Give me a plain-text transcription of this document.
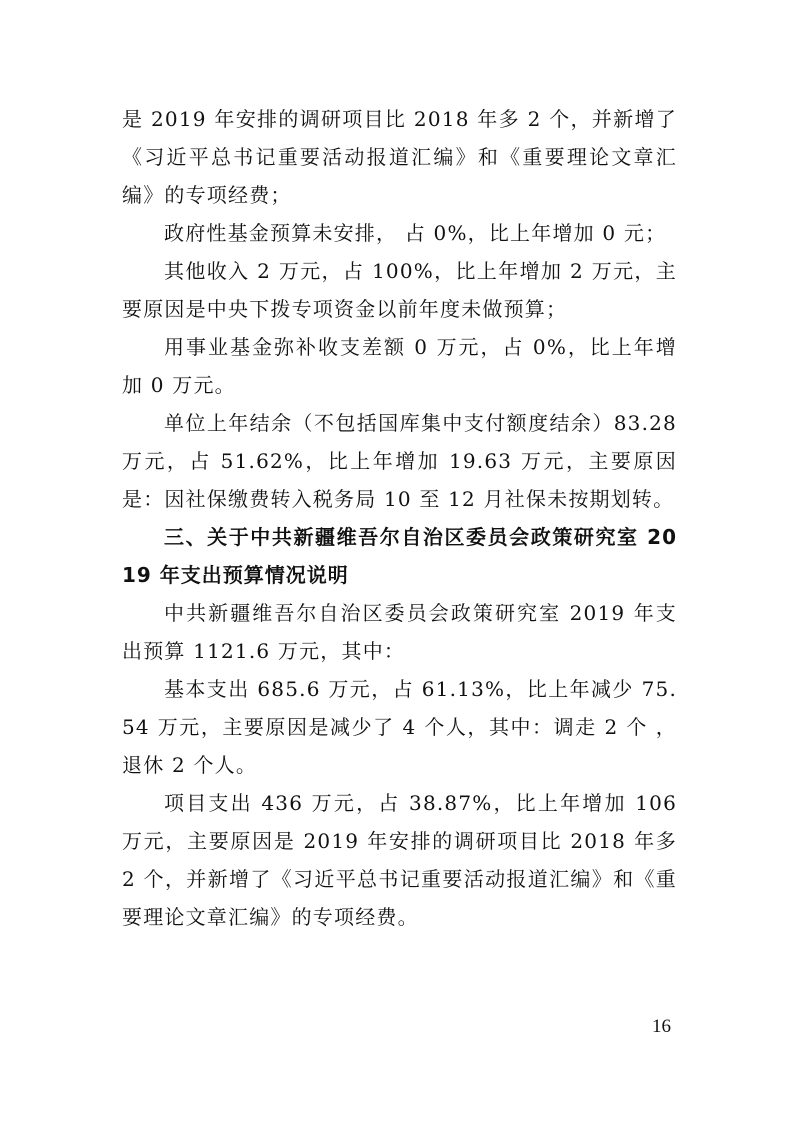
是 2019 年安排的调研项目比 2018 年多 2 个，并新增了《习近平总书记重要活动报道汇编》和《重要理论文章汇编》的专项经费；

政府性基金预算未安排， 占 0%，比上年增加 0 元；

其他收入 2 万元，占 100%，比上年增加 2 万元，主要原因是中央下拨专项资金以前年度未做预算；

用事业基金弥补收支差额 0 万元，占 0%，比上年增加 0 万元。

单位上年结余（不包括国库集中支付额度结余）83.28 万元，占 51.62%，比上年增加 19.63 万元，主要原因是：因社保缴费转入税务局 10 至 12 月社保未按期划转。

三、关于中共新疆维吾尔自治区委员会政策研究室 2019 年支出预算情况说明

中共新疆维吾尔自治区委员会政策研究室 2019 年支出预算 1121.6 万元，其中：

基本支出 685.6 万元，占 61.13%，比上年减少 75.54 万元，主要原因是减少了 4 个人，其中：调走 2 个 ，退休 2 个人。

项目支出 436 万元，占 38.87%，比上年增加 106 万元，主要原因是 2019 年安排的调研项目比 2018 年多 2 个，并新增了《习近平总书记重要活动报道汇编》和《重要理论文章汇编》的专项经费。

16
